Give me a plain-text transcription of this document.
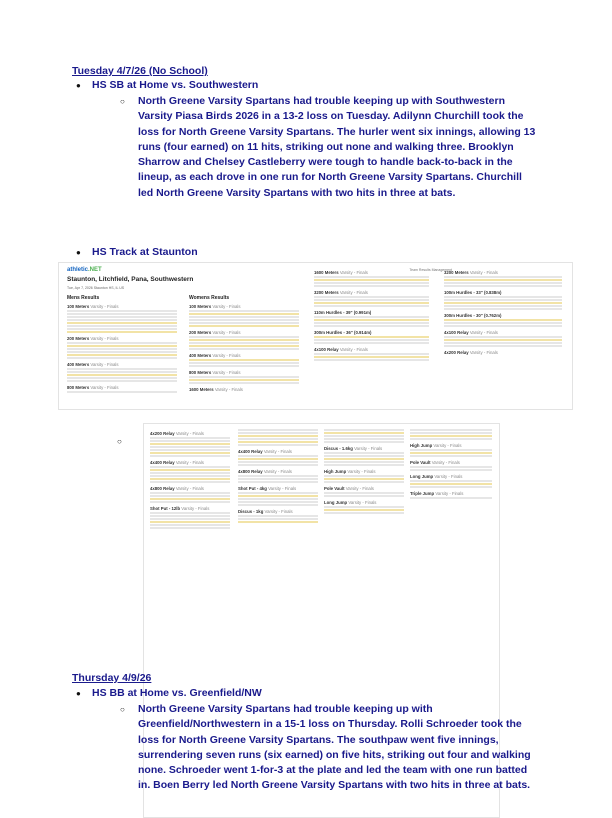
Tuesday 4/7/26 (No School)
● HS SB at Home vs. Southwestern

○ North Greene Varsity Spartans had trouble keeping up with Southwestern Varsity Piasa Birds 2026 in a 13-2 loss on Tuesday. Adilynn Churchill took the loss for North Greene Varsity Spartans. The hurler went six innings, allowing 13 runs (four earned) on 11 hits, striking out none and walking three. Brooklyn Sharrow and Chelsey Castleberry were tough to handle back-to-back in the lineup, as each drove in one run for North Greene Varsity Spartans. Churchill led North Greene Varsity Spartans with two hits in three at bats.

● HS Track at Staunton
athletic.NET	Team Results Management
Staunton, Litchfield, Pana, Southwestern
Tue, Apr 7, 2026 Staunton HS, IL US
Mens Results
100 Meters Varsity - Finals
200 Meters Varsity - Finals
400 Meters Varsity - Finals
800 Meters Varsity - Finals
Womens Results
100 Meters Varsity - Finals
200 Meters Varsity - Finals
400 Meters Varsity - Finals
800 Meters Varsity - Finals
1600 Meters Varsity - Finals
1600 Meters Varsity - Finals
3200 Meters Varsity - Finals
110m Hurdles - 39" (0.991m)
300m Hurdles - 36" (0.914m)
4x100 Relay Varsity - Finals
3200 Meters Varsity - Finals
100m Hurdles - 33" (0.838m)
300m Hurdles - 30" (0.762m)
4x100 Relay Varsity - Finals
4x200 Relay Varsity - Finals
○
4x200 Relay Varsity - Finals
4x400 Relay Varsity - Finals
4x800 Relay Varsity - Finals
Shot Put - 12lb Varsity - Finals
4x400 Relay Varsity - Finals
4x800 Relay Varsity - Finals
Shot Put - 4kg Varsity - Finals
Discus - 1kg Varsity - Finals
Discus - 1.6kg Varsity - Finals
High Jump Varsity - Finals
Pole Vault Varsity - Finals
Long Jump Varsity - Finals
High Jump Varsity - Finals
Pole Vault Varsity - Finals
Long Jump Varsity - Finals
Triple Jump Varsity - Finals
Thursday 4/9/26
● HS BB at Home vs. Greenfield/NW

○ North Greene Varsity Spartans had trouble keeping up with Greenfield/Northwestern in a 15-1 loss on Thursday. Rolli Schroeder took the loss for North Greene Varsity Spartans. The southpaw went five innings, surrendering seven runs (six earned) on five hits, striking out four and walking none. Schroeder went 1-for-3 at the plate and led the team with one run batted in. Boen Berry led North Greene Varsity Spartans with two hits in three at bats.
